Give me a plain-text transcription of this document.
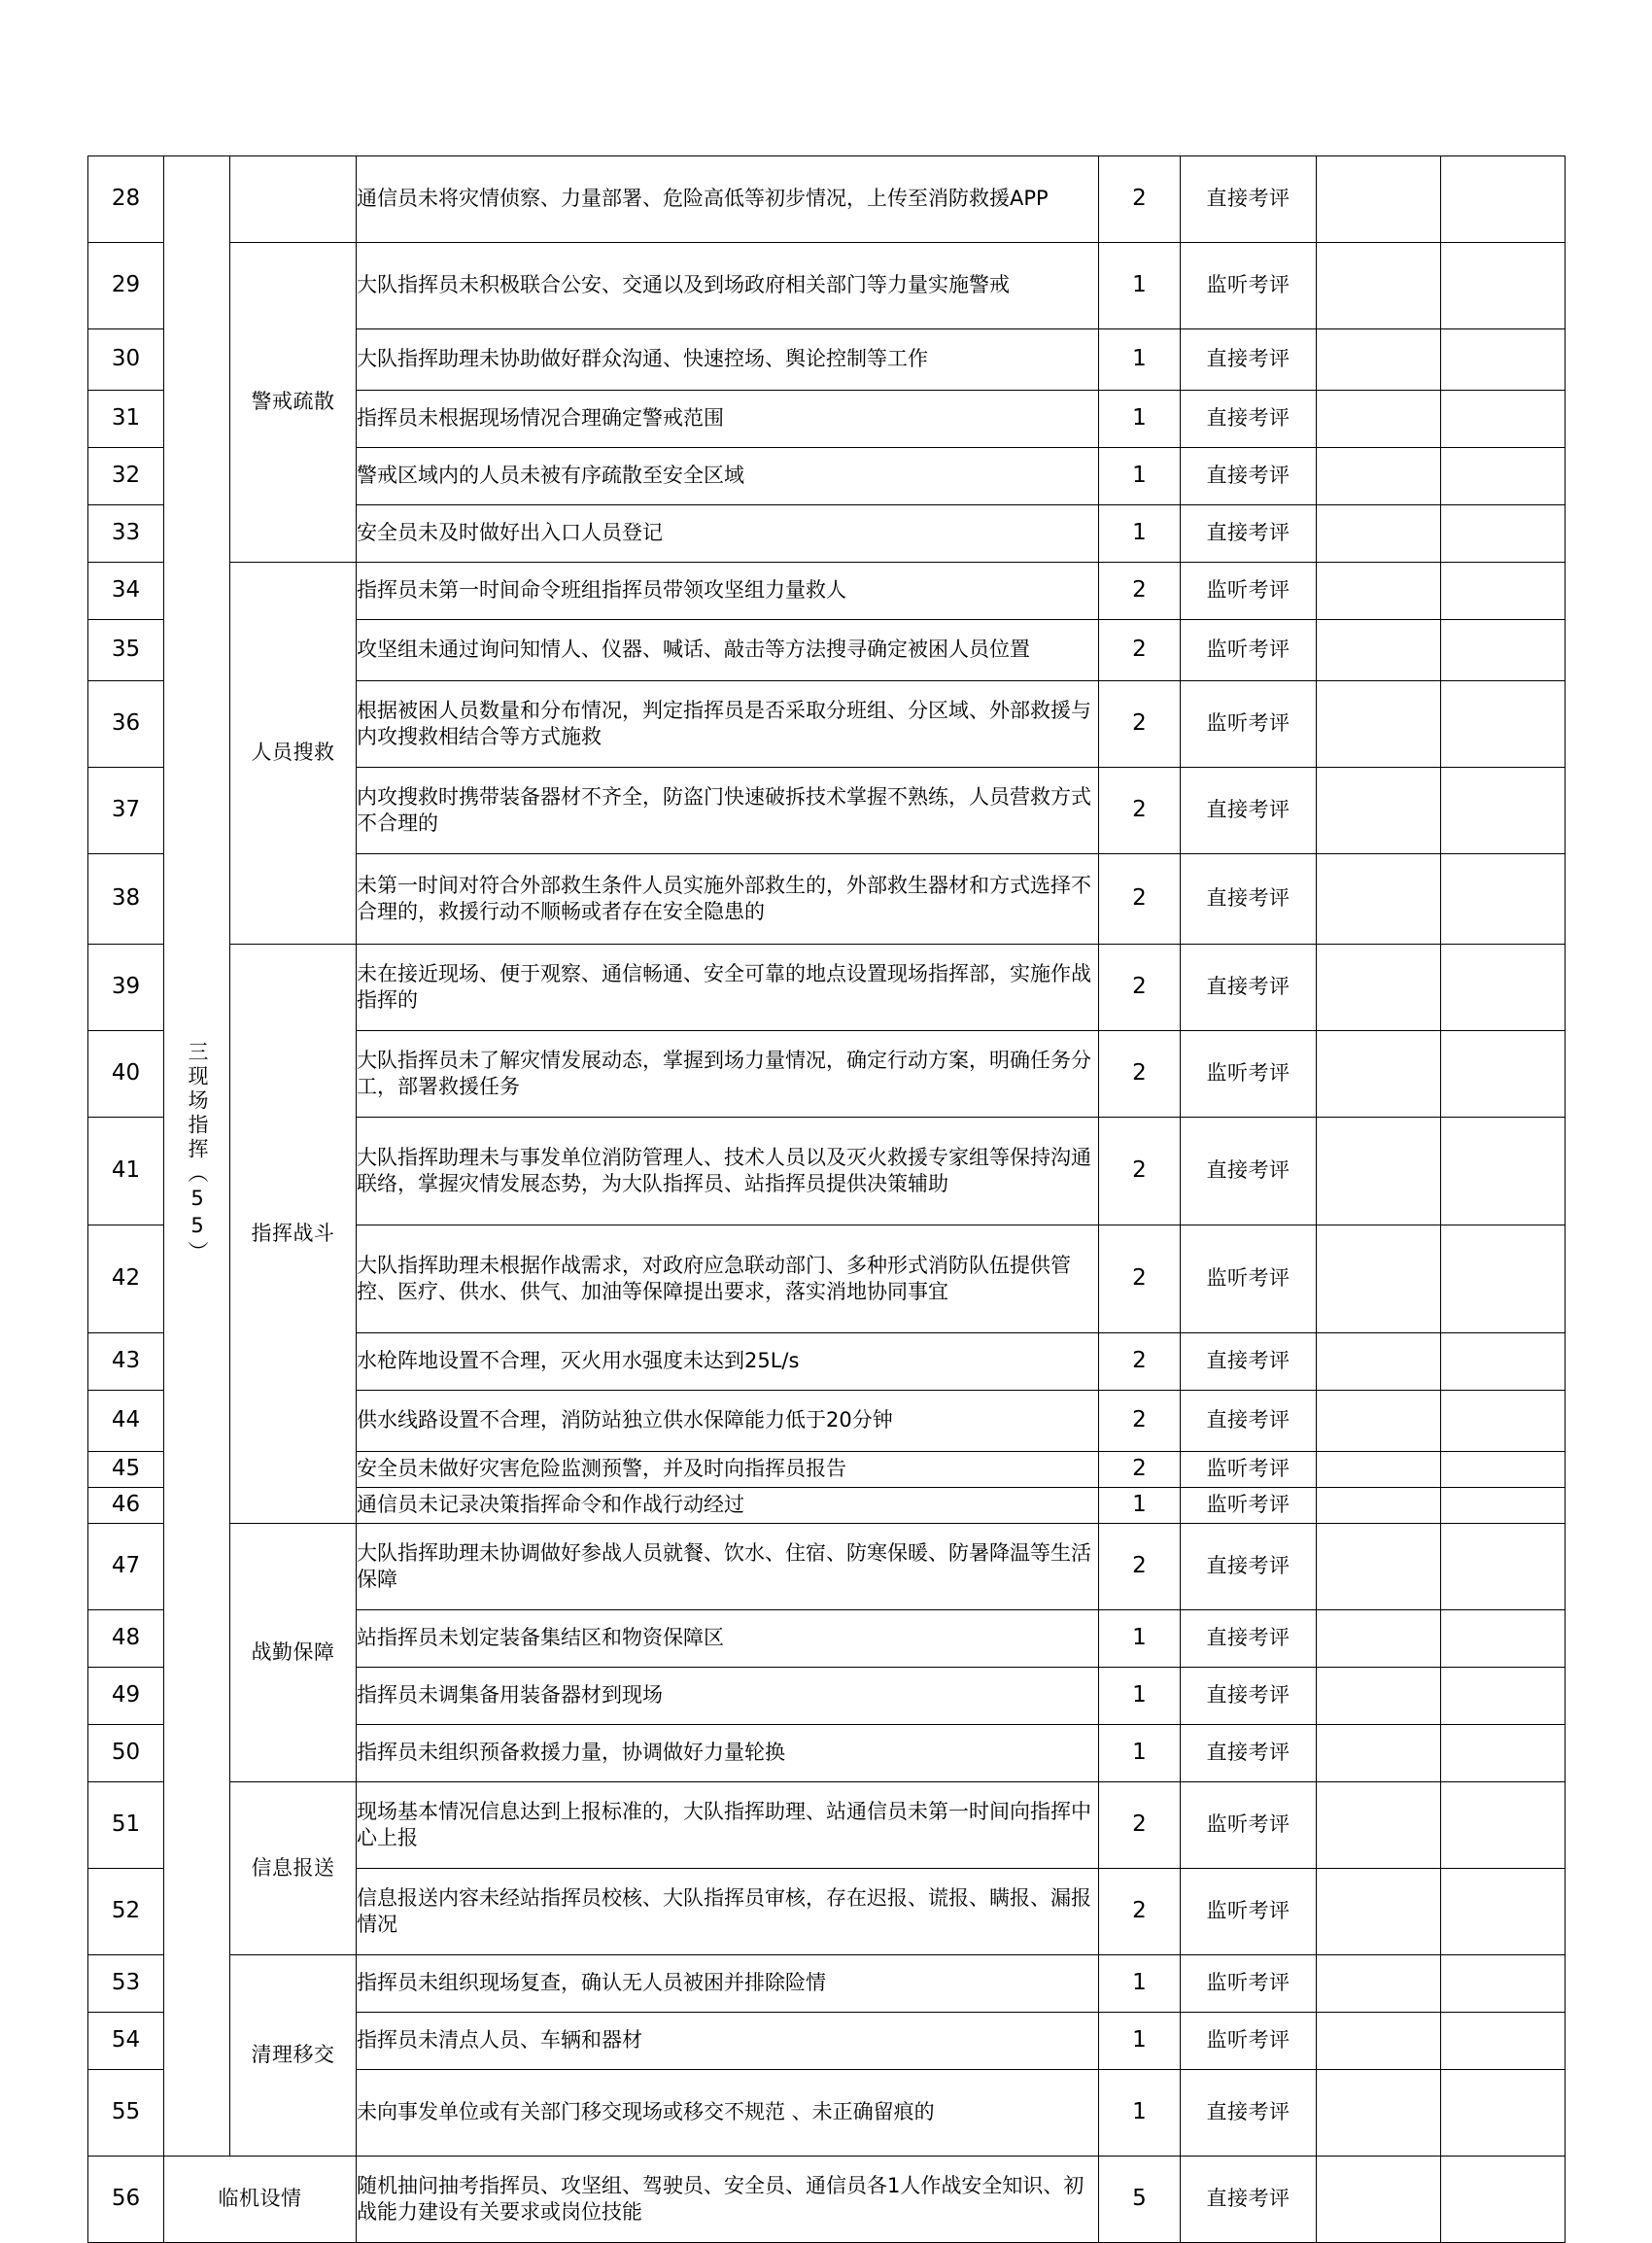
28	三现场指挥（55）		通信员未将灾情侦察、力量部署、危险高低等初步情况，上传至消防救援APP	2	直接考评		
29		警戒疏散	大队指挥员未积极联合公安、交通以及到场政府相关部门等力量实施警戒	1	监听考评		
30			大队指挥助理未协助做好群众沟通、快速控场、舆论控制等工作	1	直接考评		
31			指挥员未根据现场情况合理确定警戒范围	1	直接考评		
32			警戒区域内的人员未被有序疏散至安全区域	1	直接考评		
33			安全员未及时做好出入口人员登记	1	直接考评		
34		人员搜救	指挥员未第一时间命令班组指挥员带领攻坚组力量救人	2	监听考评		
35			攻坚组未通过询问知情人、仪器、喊话、敲击等方法搜寻确定被困人员位置	2	监听考评		
36			根据被困人员数量和分布情况，判定指挥员是否采取分班组、分区域、外部救援与内攻搜救相结合等方式施救	2	监听考评		
37			内攻搜救时携带装备器材不齐全，防盗门快速破拆技术掌握不熟练，人员营救方式不合理的	2	直接考评		
38			未第一时间对符合外部救生条件人员实施外部救生的，外部救生器材和方式选择不合理的，救援行动不顺畅或者存在安全隐患的	2	直接考评		
39		指挥战斗	未在接近现场、便于观察、通信畅通、安全可靠的地点设置现场指挥部，实施作战指挥的	2	直接考评		
40			大队指挥员未了解灾情发展动态，掌握到场力量情况，确定行动方案，明确任务分工，部署救援任务	2	监听考评		
41			大队指挥助理未与事发单位消防管理人、技术人员以及灭火救援专家组等保持沟通联络，掌握灾情发展态势，为大队指挥员、站指挥员提供决策辅助	2	直接考评		
42			大队指挥助理未根据作战需求，对政府应急联动部门、多种形式消防队伍提供管控、医疗、供水、供气、加油等保障提出要求，落实消地协同事宜	2	监听考评		
43			水枪阵地设置不合理，灭火用水强度未达到25L/s	2	直接考评		
44			供水线路设置不合理，消防站独立供水保障能力低于20分钟	2	直接考评		
45			安全员未做好灾害危险监测预警，并及时向指挥员报告	2	监听考评		
46			通信员未记录决策指挥命令和作战行动经过	1	监听考评		
47		战勤保障	大队指挥助理未协调做好参战人员就餐、饮水、住宿、防寒保暖、防暑降温等生活保障	2	直接考评		
48			站指挥员未划定装备集结区和物资保障区	1	直接考评		
49			指挥员未调集备用装备器材到现场	1	直接考评		
50			指挥员未组织预备救援力量，协调做好力量轮换	1	直接考评		
51		信息报送	现场基本情况信息达到上报标准的，大队指挥助理、站通信员未第一时间向指挥中心上报	2	监听考评		
52			信息报送内容未经站指挥员校核、大队指挥员审核，存在迟报、谎报、瞒报、漏报情况	2	监听考评		
53		清理移交	指挥员未组织现场复查，确认无人员被困并排除险情	1	监听考评		
54			指挥员未清点人员、车辆和器材	1	监听考评		
55			未向事发单位或有关部门移交现场或移交不规范 、未正确留痕的	1	直接考评		
56	临机设情		随机抽问抽考指挥员、攻坚组、驾驶员、安全员、通信员各1人作战安全知识、初战能力建设有关要求或岗位技能	5	直接考评		
